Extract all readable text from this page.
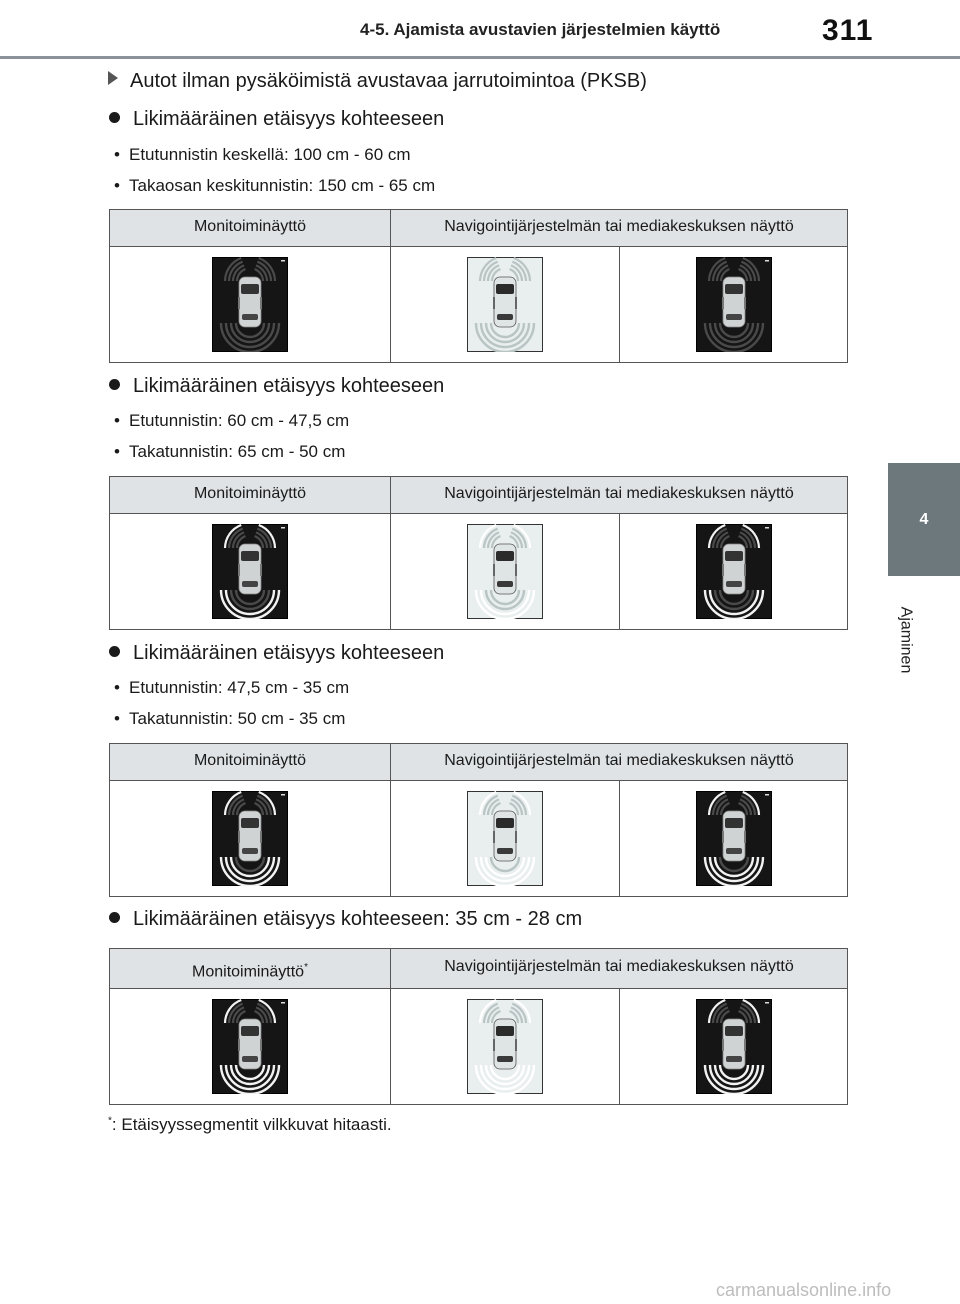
4-5. Ajamista avustavien järjestelmien käyttö	311
4
Ajaminen
Autot ilman pysäköimistä avustavaa jarrutoimintoa (PKSB)
Likimääräinen etäisyys kohteeseen
• Etutunnistin keskellä: 100 cm - 60 cm
• Takaosan keskitunnistin: 150 cm - 65 cm
Monitoiminäyttö	Navigointijärjestelmän tai mediakeskuksen näyttö
Likimääräinen etäisyys kohteeseen
• Etutunnistin: 60 cm - 47,5 cm
• Takatunnistin: 65 cm - 50 cm
Monitoiminäyttö	Navigointijärjestelmän tai mediakeskuksen näyttö
Likimääräinen etäisyys kohteeseen
• Etutunnistin: 47,5 cm - 35 cm
• Takatunnistin: 50 cm - 35 cm
Monitoiminäyttö	Navigointijärjestelmän tai mediakeskuksen näyttö
Likimääräinen etäisyys kohteeseen: 35 cm - 28 cm
Monitoiminäyttö*	Navigointijärjestelmän tai mediakeskuksen näyttö
*: Etäisyyssegmentit vilkkuvat hitaasti.
carmanualsonline.info
